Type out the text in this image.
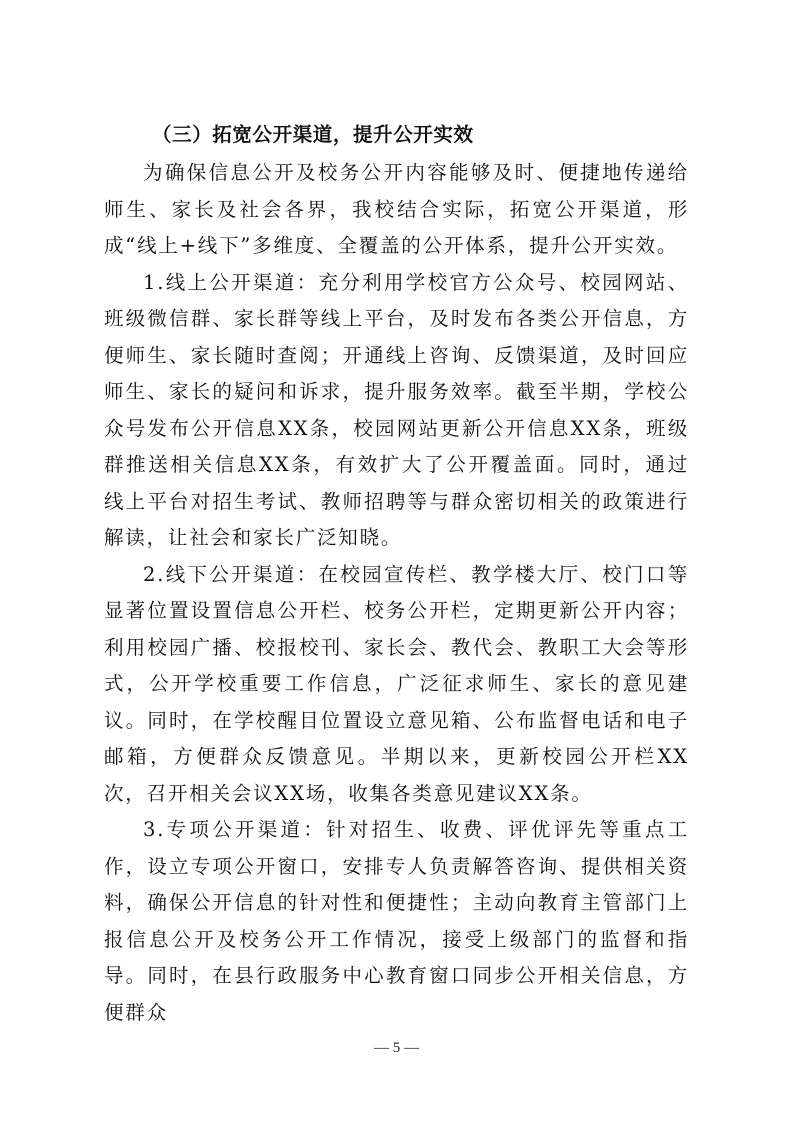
（三）拓宽公开渠道，提升公开实效

为确保信息公开及校务公开内容能够及时、便捷地传递给师生、家长及社会各界，我校结合实际，拓宽公开渠道，形成“线上+线下”多维度、全覆盖的公开体系，提升公开实效。

1.线上公开渠道：充分利用学校官方公众号、校园网站、班级微信群、家长群等线上平台，及时发布各类公开信息，方便师生、家长随时查阅；开通线上咨询、反馈渠道，及时回应师生、家长的疑问和诉求，提升服务效率。截至半期，学校公众号发布公开信息XX条，校园网站更新公开信息XX条，班级群推送相关信息XX条，有效扩大了公开覆盖面。同时，通过线上平台对招生考试、教师招聘等与群众密切相关的政策进行解读，让社会和家长广泛知晓。

2.线下公开渠道：在校园宣传栏、教学楼大厅、校门口等显著位置设置信息公开栏、校务公开栏，定期更新公开内容；利用校园广播、校报校刊、家长会、教代会、教职工大会等形式，公开学校重要工作信息，广泛征求师生、家长的意见建议。同时，在学校醒目位置设立意见箱、公布监督电话和电子邮箱，方便群众反馈意见。半期以来，更新校园公开栏XX次，召开相关会议XX场，收集各类意见建议XX条。

3.专项公开渠道：针对招生、收费、评优评先等重点工作，设立专项公开窗口，安排专人负责解答咨询、提供相关资料，确保公开信息的针对性和便捷性；主动向教育主管部门上报信息公开及校务公开工作情况，接受上级部门的监督和指导。同时，在县行政服务中心教育窗口同步公开相关信息，方便群众

— 5 —
